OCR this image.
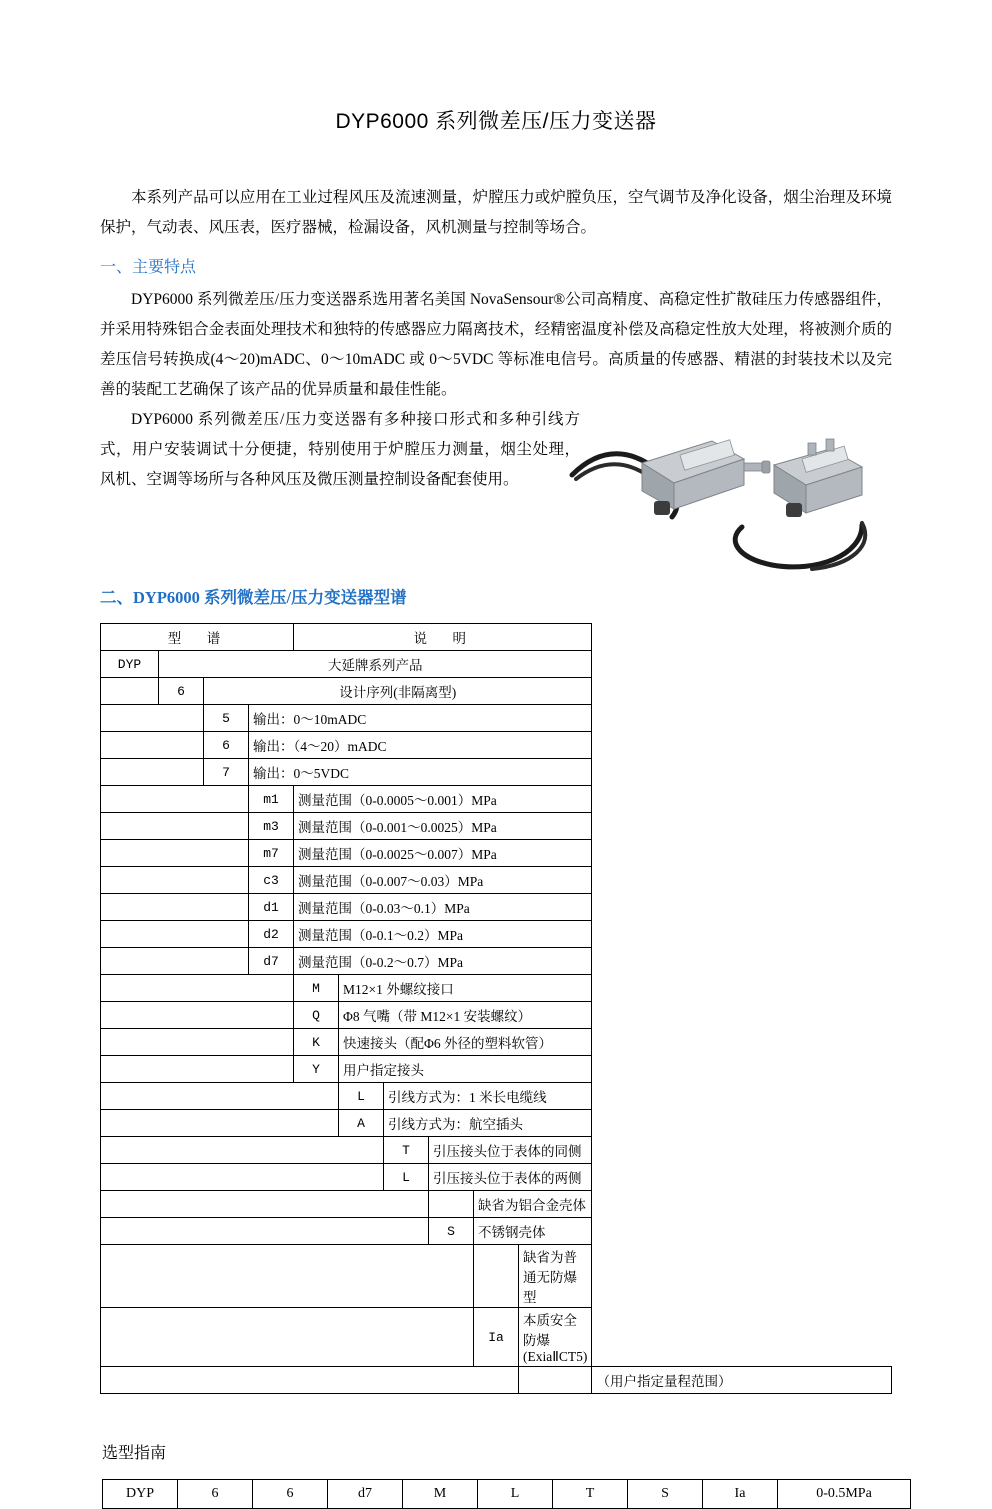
DYP6000 系列微差压/压力变送器

本系列产品可以应用在工业过程风压及流速测量，炉膛压力或炉膛负压，空气调节及净化设备，烟尘治理及环境保护，气动表、风压表，医疗器械，检漏设备，风机测量与控制等场合。

一、主要特点

DYP6000 系列微差压/压力变送器系选用著名美国 NovaSensour®公司高精度、高稳定性扩散硅压力传感器组件，并采用特殊铝合金表面处理技术和独特的传感器应力隔离技术，经精密温度补偿及高稳定性放大处理，将被测介质的差压信号转换成(4～20)mADC、0～10mADC 或 0～5VDC 等标准电信号。高质量的传感器、精湛的封装技术以及完善的装配工艺确保了该产品的优异质量和最佳性能。

DYP6000 系列微差压/压力变送器有多种接口形式和多种引线方式，用户安装调试十分便捷，特别使用于炉膛压力测量，烟尘处理，风机、空调等场所与各种风压及微压测量控制设备配套使用。

二、DYP6000 系列微差压/压力变送器型谱

型　谱				说　明						
DYP	大延牌系列产品									
	6	设计序列(非隔离型)								
		5	输出：0～10mADC							
		6	输出：（4～20）mADC							
		7	输出：0～5VDC							
			m1	测量范围（0-0.0005～0.001）MPa						
			m3	测量范围（0-0.001～0.0025）MPa						
			m7	测量范围（0-0.0025～0.007）MPa						
			c3	测量范围（0-0.007～0.03）MPa						
			d1	测量范围（0-0.03～0.1）MPa						
			d2	测量范围（0-0.1～0.2）MPa						
			d7	测量范围（0-0.2～0.7）MPa						
				M	M12×1 外螺纹接口					
				Q	Φ8 气嘴（带 M12×1 安装螺纹）					
				K	快速接头（配Φ6 外径的塑料软管）					
				Y	用户指定接头					
					L	引线方式为：1 米长电缆线				
					A	引线方式为：航空插头				
						T	引压接头位于表体的同侧			
						L	引压接头位于表体的两侧			
								缺省为铝合金壳体		
							S	不锈钢壳体		
									缺省为普通无防爆型	
								Ia	本质安全防爆(ExiaⅡCT5)	
										（用户指定量程范围）

选型指南

DYP	6	6	d7	M	L	T	S	Ia	0-0.5MPa
